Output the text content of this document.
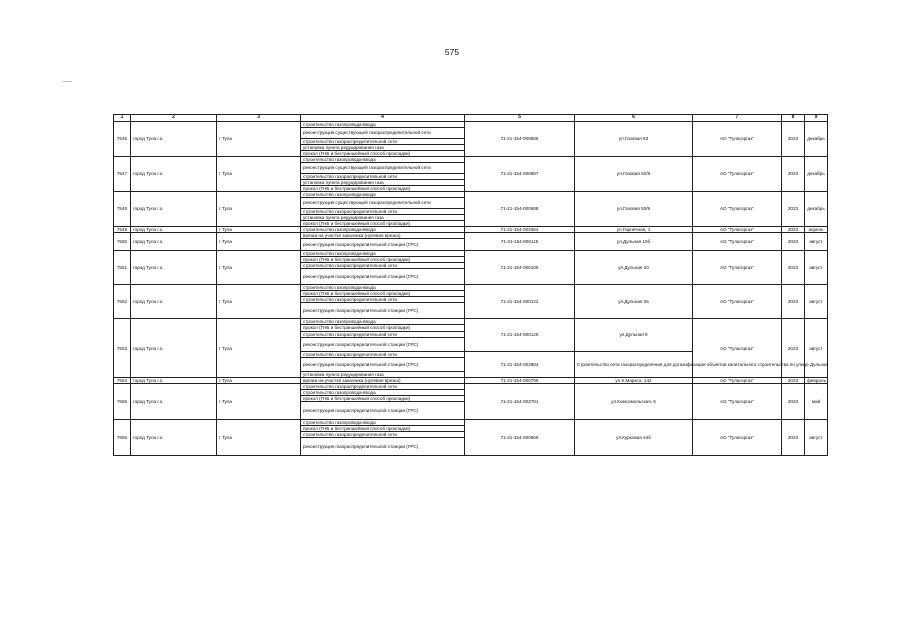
575
1	2	3	4	5	6	7	8	9
7546	город Тула г.о.	г Тула	строительство газопровода-ввода	71-21-154-000686	ул.Газовая 83	АО "Тулагоргаз"	2023	декабрь
			реконструкция существующей газораспределительной сети					
			строительство газораспределительной сети					
			установка пункта редуцирования газа					
			прокол (ГНБ и бестраншейный способ прокладки)					
7547	город Тула г.о.	г Тула	строительство газопровода-ввода	71-21-154-000687	ул.Газовая 92/8	АО "Тулагоргаз"	2023	декабрь
			реконструкция существующей газораспределительной сети					
			строительство газораспределительной сети					
			установка пункта редуцирования газа					
			прокол (ГНБ и бестраншейный способ прокладки)					
7548	город Тула г.о.	г Тула	строительство газопровода-ввода	71-21-154-000688	ул.Газовая 93/9	АО "Тулагоргаз"	2023	декабрь
			реконструкция существующей газораспределительной сети					
			строительство газораспределительной сети					
			установка пункта редуцирования газа					
			прокол (ГНБ и бестраншейный способ прокладки)					
7549	город Тула г.о.	г Тула	строительство газопровода-ввода	71-21-154-003364	ул.Гарнечная, 1	АО "Тулагоргаз"	2023	апрель
7550	город Тула г.о.	г Тула	врезка на участке заказчика (нулевая врезка)	71-21-154-000115	ул.Дульная 10б	АО "Тулагоргаз"	2023	август
			реконструкция газораспределительной станции (ГРС)					
7551	город Тула г.о.	г Тула	строительство газопровода-ввода	71-21-154-000106	ул.Дульная 20	АО "Тулагоргаз"	2023	август
			прокол (ГНБ и бестраншейный способ прокладки)					
			строительство газораспределительной сети					
			реконструкция газораспределительной станции (ГРС)					
7552	город Тула г.о.	г Тула	строительство газопровода-ввода	71-21-154-000122	ул.Дульная 25	АО "Тулагоргаз"	2023	август
			прокол (ГНБ и бестраншейный способ прокладки)					
			строительство газораспределительной сети					
			реконструкция газораспределительной станции (ГРС)					
7553	город Тула г.о.	г Тула	строительство газопровода-ввода	71-21-154-000126	ул.Дульная 9	АО "Тулагоргаз"	2023	август
			прокол (ГНБ и бестраншейный способ прокладки)					
			строительство газораспределительной сети					
			реконструкция газораспределительной станции (ГРС)					
			строительство газораспределительной сети	71-21-154-003804	Строительство сети газораспределения для догазификации объектов капитального строительства по улице Дульная			
			реконструкция газораспределительной станции (ГРС)					
			установка пункта редуцирования газа					
7554	город Тула г.о.	г Тула	врезка на участке заказчика (нулевая врезка)	71-21-154-000796	ул.К.Маркса, 142	АО "Тулагоргаз"	2023	февраль
7555	город Тула г.о.	г Тула	строительство газораспределительной сети	71-21-154-003781	ул.Комсомольская, 5	АО "Тулагоргаз"	2023	май
			строительство газопровода-ввода					
			прокол (ГНБ и бестраншейный способ прокладки)					
			реконструкция газораспределительной станции (ГРС)					
7556	город Тула г.о.	г Тула	строительство газопровода-ввода	71-21-154-000669	ул.Курковая 44б	АО "Тулагоргаз"	2023	август
			прокол (ГНБ и бестраншейный способ прокладки)					
			строительство газораспределительной сети					
			реконструкция газораспределительной станции (ГРС)					
